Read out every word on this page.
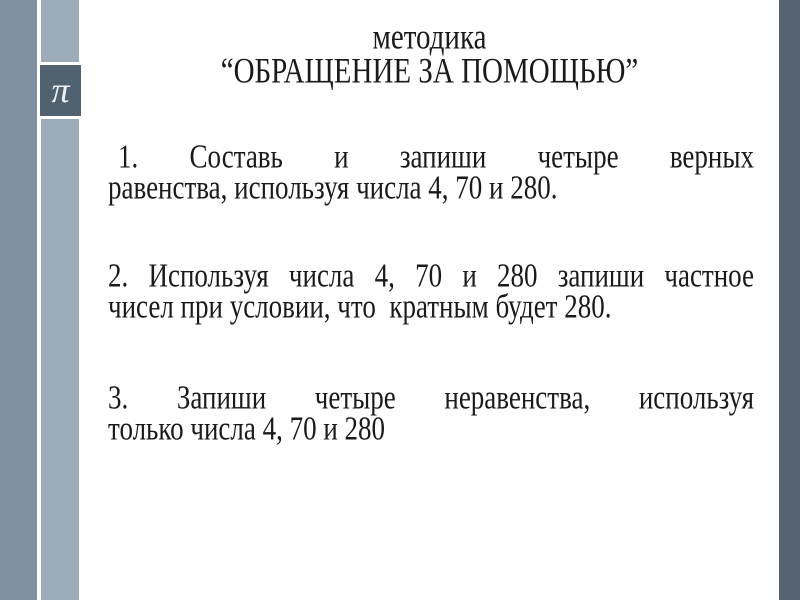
π
методика
“ОБРАЩЕНИЕ ЗА ПОМОЩЬЮ”
1. Составь и запиши четыре верных
равенства, используя числа 4, 70 и 280.
2. Используя числа 4, 70 и 280 запиши частное
чисел при условии, что  кратным будет 280.
3. Запиши четыре неравенства, используя
только числа 4, 70 и 280
